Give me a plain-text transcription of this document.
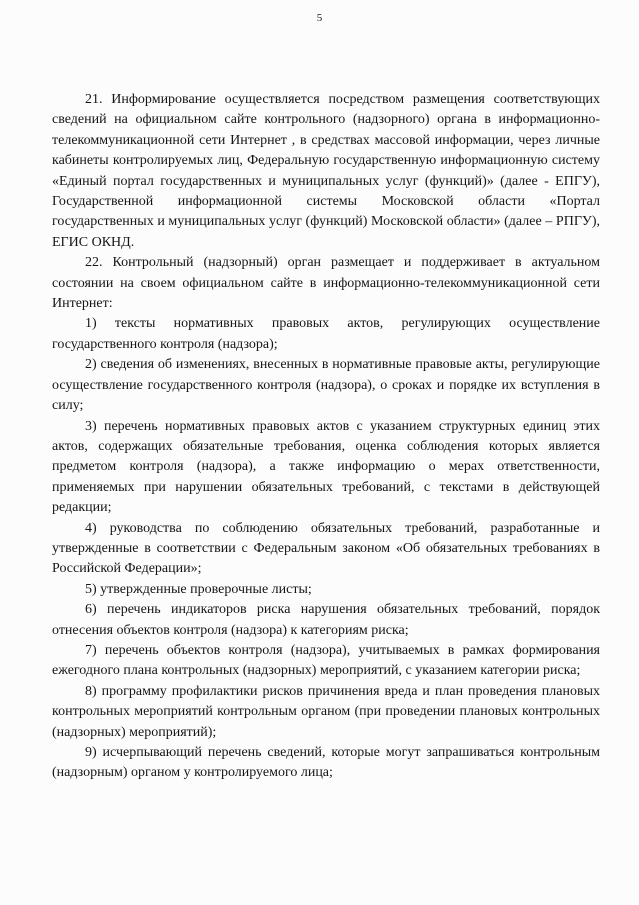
5

21. Информирование осуществляется посредством размещения соответствующих сведений на официальном сайте контрольного (надзорного) органа в информационно-телекоммуникационной сети Интернет , в средствах массовой информации, через личные кабинеты контролируемых лиц, Федеральную государственную информационную систему «Единый портал государственных и муниципальных услуг (функций)» (далее - ЕПГУ), Государственной информационной системы Московской области «Портал государственных и муниципальных услуг (функций) Московской области» (далее – РПГУ), ЕГИС ОКНД.

22. Контрольный (надзорный) орган размещает и поддерживает в актуальном состоянии на своем официальном сайте в информационно-телекоммуникационной сети Интернет:

1) тексты нормативных правовых актов, регулирующих осуществление государственного контроля (надзора);

2) сведения об изменениях, внесенных в нормативные правовые акты, регулирующие осуществление государственного контроля (надзора), о сроках и порядке их вступления в силу;

3) перечень нормативных правовых актов с указанием структурных единиц этих актов, содержащих обязательные требования, оценка соблюдения которых является предметом контроля (надзора), а также информацию о мерах ответственности, применяемых при нарушении обязательных требований, с текстами в действующей редакции;

4) руководства по соблюдению обязательных требований, разработанные и утвержденные в соответствии с Федеральным законом «Об обязательных требованиях в Российской Федерации»;

5) утвержденные проверочные листы;

6) перечень индикаторов риска нарушения обязательных требований, порядок отнесения объектов контроля (надзора) к категориям риска;

7) перечень объектов контроля (надзора), учитываемых в рамках формирования ежегодного плана контрольных (надзорных) мероприятий, с указанием категории риска;

8) программу профилактики рисков причинения вреда и план проведения плановых контрольных мероприятий контрольным органом (при проведении плановых контрольных (надзорных) мероприятий);

9) исчерпывающий перечень сведений, которые могут запрашиваться контрольным (надзорным) органом у контролируемого лица;
